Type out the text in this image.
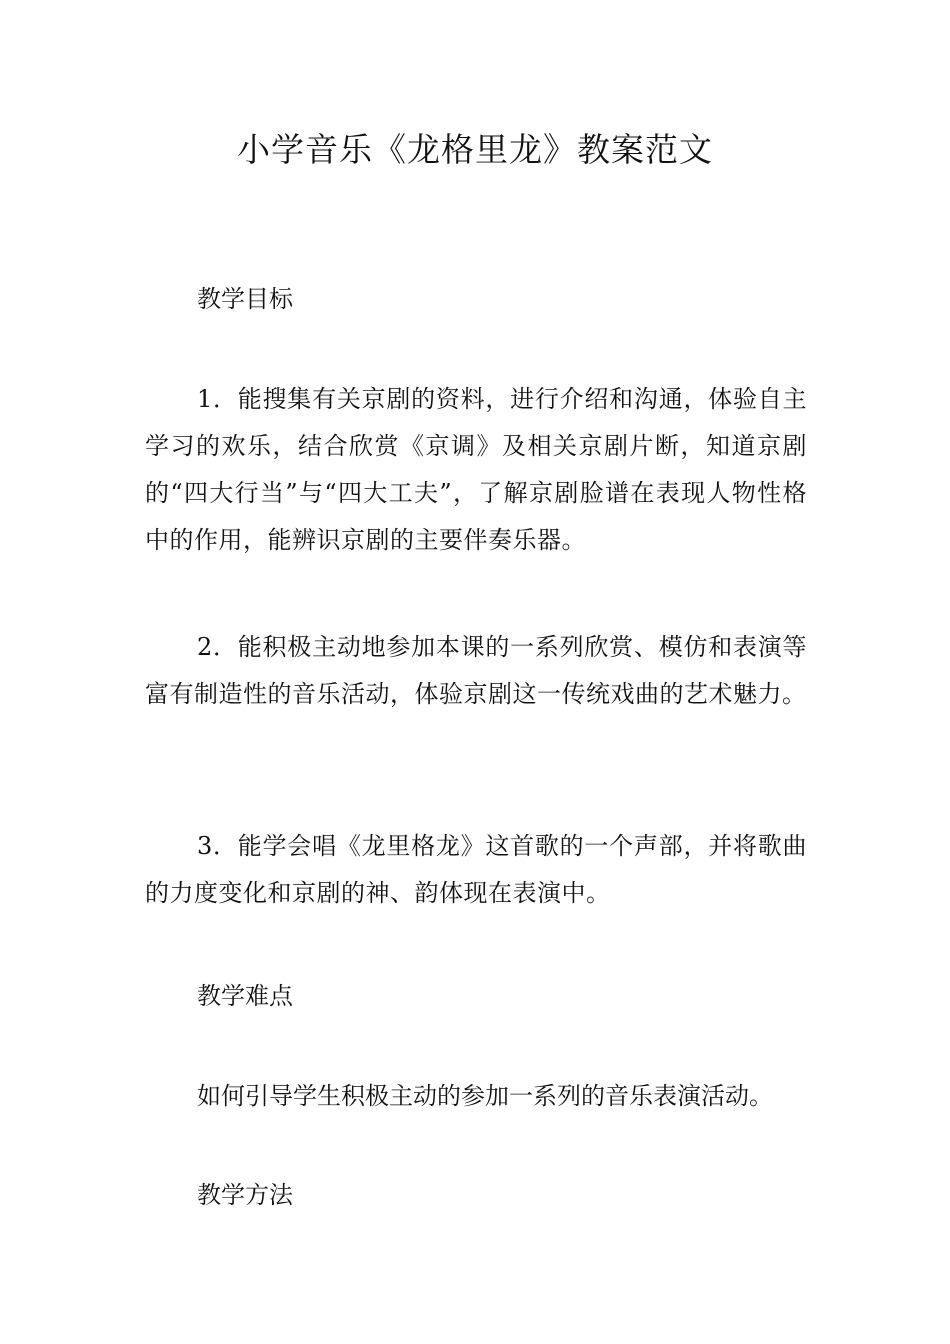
小学音乐《龙格里龙》教案范文

教学目标

1．能搜集有关京剧的资料，进行介绍和沟通，体验自主学习的欢乐，结合欣赏《京调》及相关京剧片断，知道京剧的“四大行当”与“四大工夫”，了解京剧脸谱在表现人物性格中的作用，能辨识京剧的主要伴奏乐器。

2．能积极主动地参加本课的一系列欣赏、模仿和表演等富有制造性的音乐活动，体验京剧这一传统戏曲的艺术魅力。

3．能学会唱《龙里格龙》这首歌的一个声部，并将歌曲的力度变化和京剧的神、韵体现在表演中。

教学难点

如何引导学生积极主动的参加一系列的音乐表演活动。

教学方法
